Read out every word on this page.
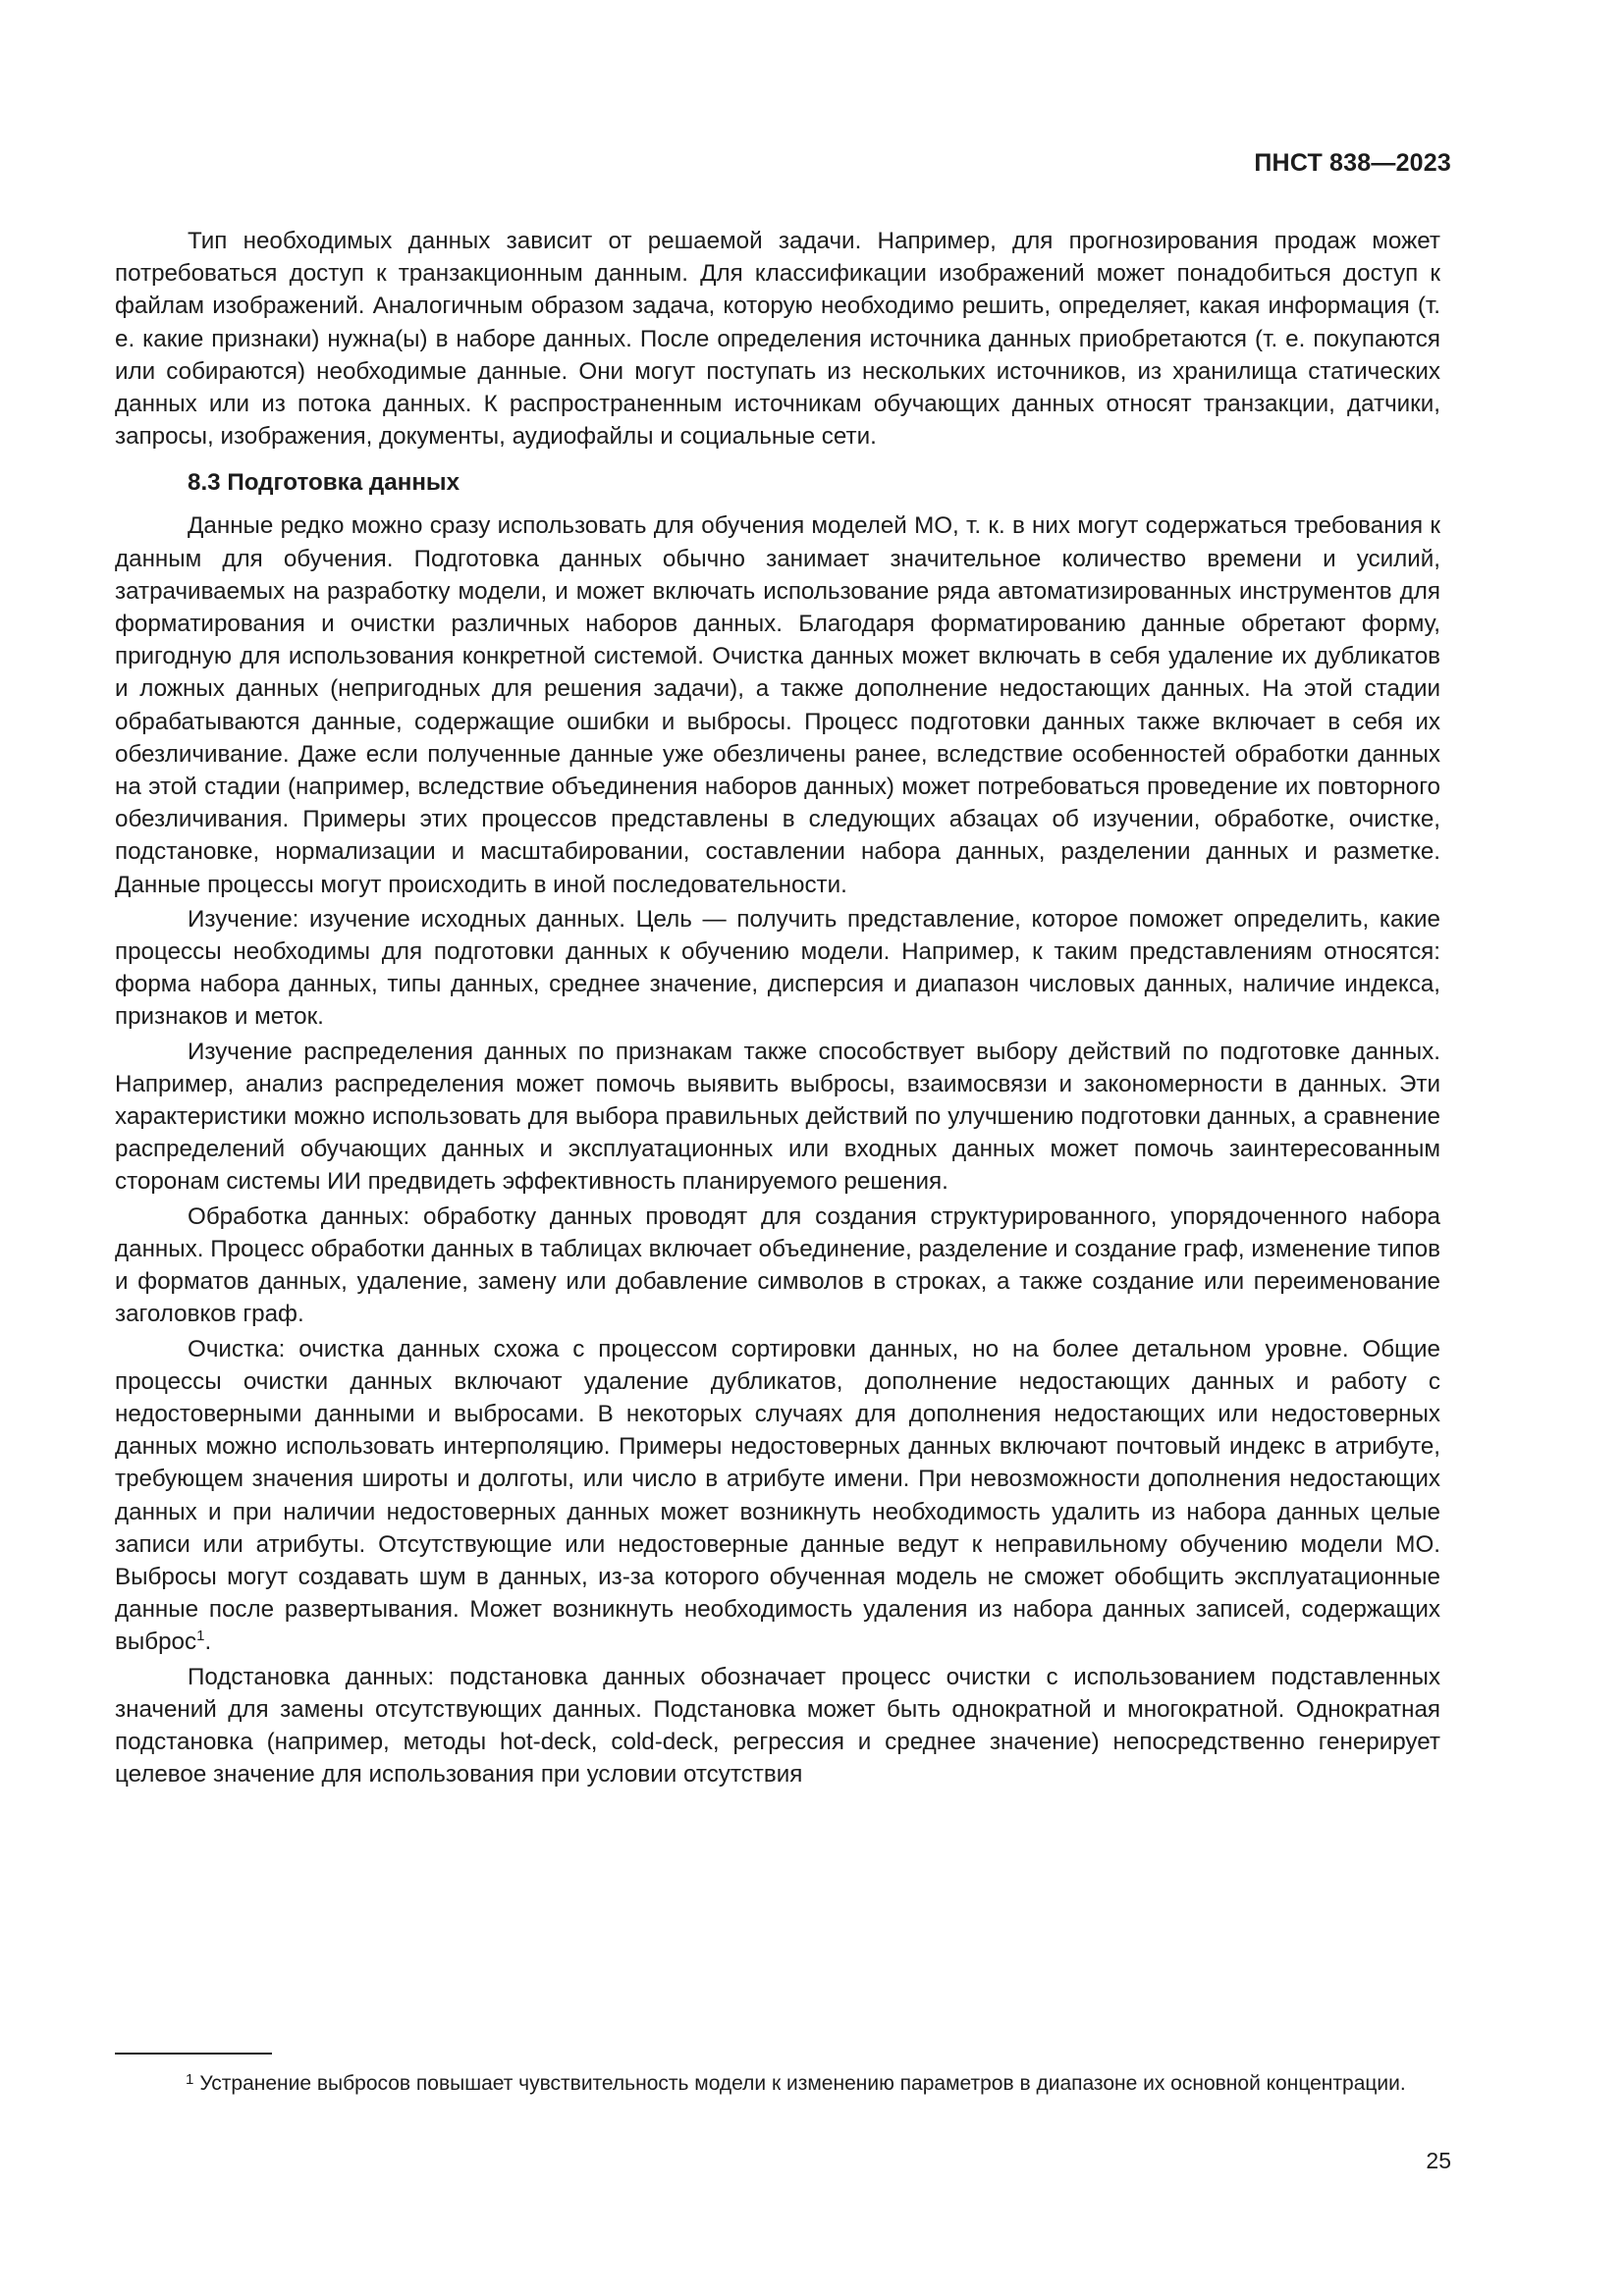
ПНСТ 838—2023

Тип необходимых данных зависит от решаемой задачи. Например, для прогнозирования продаж может потребоваться доступ к транзакционным данным. Для классификации изображений может понадобиться доступ к файлам изображений. Аналогичным образом задача, которую необходимо решить, определяет, какая информация (т. е. какие признаки) нужна(ы) в наборе данных. После определения источника данных приобретаются (т. е. покупаются или собираются) необходимые данные. Они могут поступать из нескольких источников, из хранилища статических данных или из потока данных. К распространенным источникам обучающих данных относят транзакции, датчики, запросы, изображения, документы, аудиофайлы и социальные сети.

8.3 Подготовка данных

Данные редко можно сразу использовать для обучения моделей МО, т. к. в них могут содержаться требования к данным для обучения. Подготовка данных обычно занимает значительное количество времени и усилий, затрачиваемых на разработку модели, и может включать использование ряда автоматизированных инструментов для форматирования и очистки различных наборов данных. Благодаря форматированию данные обретают форму, пригодную для использования конкретной системой. Очистка данных может включать в себя удаление их дубликатов и ложных данных (непригодных для решения задачи), а также дополнение недостающих данных. На этой стадии обрабатываются данные, содержащие ошибки и выбросы. Процесс подготовки данных также включает в себя их обезличивание. Даже если полученные данные уже обезличены ранее, вследствие особенностей обработки данных на этой стадии (например, вследствие объединения наборов данных) может потребоваться проведение их повторного обезличивания. Примеры этих процессов представлены в следующих абзацах об изучении, обработке, очистке, подстановке, нормализации и масштабировании, составлении набора данных, разделении данных и разметке. Данные процессы могут происходить в иной последовательности.

Изучение: изучение исходных данных. Цель — получить представление, которое поможет определить, какие процессы необходимы для подготовки данных к обучению модели. Например, к таким представлениям относятся: форма набора данных, типы данных, среднее значение, дисперсия и диапазон числовых данных, наличие индекса, признаков и меток.

Изучение распределения данных по признакам также способствует выбору действий по подготовке данных. Например, анализ распределения может помочь выявить выбросы, взаимосвязи и закономерности в данных. Эти характеристики можно использовать для выбора правильных действий по улучшению подготовки данных, а сравнение распределений обучающих данных и эксплуатационных или входных данных может помочь заинтересованным сторонам системы ИИ предвидеть эффективность планируемого решения.

Обработка данных: обработку данных проводят для создания структурированного, упорядоченного набора данных. Процесс обработки данных в таблицах включает объединение, разделение и создание граф, изменение типов и форматов данных, удаление, замену или добавление символов в строках, а также создание или переименование заголовков граф.

Очистка: очистка данных схожа с процессом сортировки данных, но на более детальном уровне. Общие процессы очистки данных включают удаление дубликатов, дополнение недостающих данных и работу с недостоверными данными и выбросами. В некоторых случаях для дополнения недостающих или недостоверных данных можно использовать интерполяцию. Примеры недостоверных данных включают почтовый индекс в атрибуте, требующем значения широты и долготы, или число в атрибуте имени. При невозможности дополнения недостающих данных и при наличии недостоверных данных может возникнуть необходимость удалить из набора данных целые записи или атрибуты. Отсутствующие или недостоверные данные ведут к неправильному обучению модели МО. Выбросы могут создавать шум в данных, из-за которого обученная модель не сможет обобщить эксплуатационные данные после развертывания. Может возникнуть необходимость удаления из набора данных записей, содержащих выброс$^1$.

Подстановка данных: подстановка данных обозначает процесс очистки с использованием подставленных значений для замены отсутствующих данных. Подстановка может быть однократной и многократной. Однократная подстановка (например, методы hot-deck, cold-deck, регрессия и среднее значение) непосредственно генерирует целевое значение для использования при условии отсутствия

1 Устранение выбросов повышает чувствительность модели к изменению параметров в диапазоне их основной концентрации.
25
